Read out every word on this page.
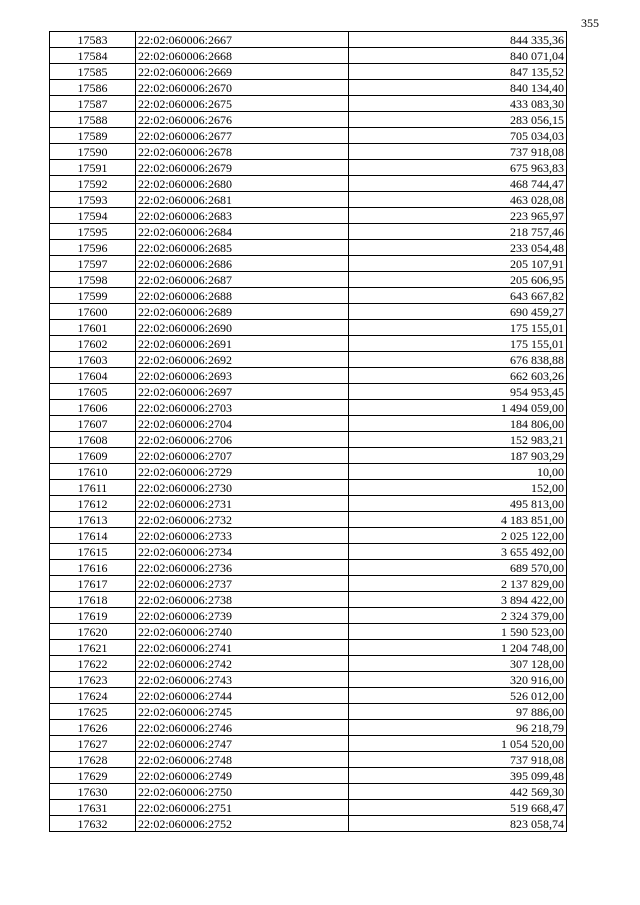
355
17583	22:02:060006:2667	844 335,36
17584	22:02:060006:2668	840 071,04
17585	22:02:060006:2669	847 135,52
17586	22:02:060006:2670	840 134,40
17587	22:02:060006:2675	433 083,30
17588	22:02:060006:2676	283 056,15
17589	22:02:060006:2677	705 034,03
17590	22:02:060006:2678	737 918,08
17591	22:02:060006:2679	675 963,83
17592	22:02:060006:2680	468 744,47
17593	22:02:060006:2681	463 028,08
17594	22:02:060006:2683	223 965,97
17595	22:02:060006:2684	218 757,46
17596	22:02:060006:2685	233 054,48
17597	22:02:060006:2686	205 107,91
17598	22:02:060006:2687	205 606,95
17599	22:02:060006:2688	643 667,82
17600	22:02:060006:2689	690 459,27
17601	22:02:060006:2690	175 155,01
17602	22:02:060006:2691	175 155,01
17603	22:02:060006:2692	676 838,88
17604	22:02:060006:2693	662 603,26
17605	22:02:060006:2697	954 953,45
17606	22:02:060006:2703	1 494 059,00
17607	22:02:060006:2704	184 806,00
17608	22:02:060006:2706	152 983,21
17609	22:02:060006:2707	187 903,29
17610	22:02:060006:2729	10,00
17611	22:02:060006:2730	152,00
17612	22:02:060006:2731	495 813,00
17613	22:02:060006:2732	4 183 851,00
17614	22:02:060006:2733	2 025 122,00
17615	22:02:060006:2734	3 655 492,00
17616	22:02:060006:2736	689 570,00
17617	22:02:060006:2737	2 137 829,00
17618	22:02:060006:2738	3 894 422,00
17619	22:02:060006:2739	2 324 379,00
17620	22:02:060006:2740	1 590 523,00
17621	22:02:060006:2741	1 204 748,00
17622	22:02:060006:2742	307 128,00
17623	22:02:060006:2743	320 916,00
17624	22:02:060006:2744	526 012,00
17625	22:02:060006:2745	97 886,00
17626	22:02:060006:2746	96 218,79
17627	22:02:060006:2747	1 054 520,00
17628	22:02:060006:2748	737 918,08
17629	22:02:060006:2749	395 099,48
17630	22:02:060006:2750	442 569,30
17631	22:02:060006:2751	519 668,47
17632	22:02:060006:2752	823 058,74
